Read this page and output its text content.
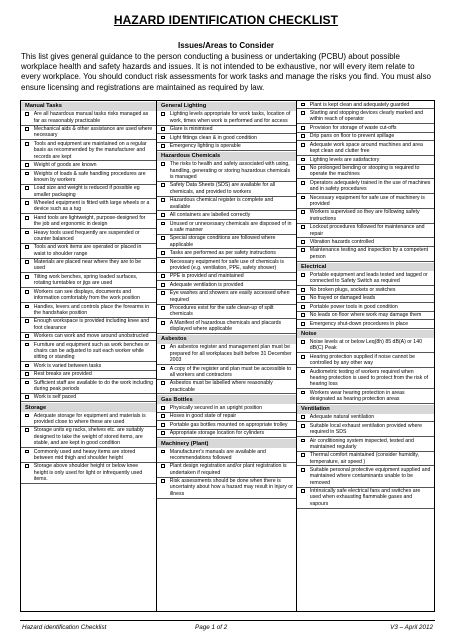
HAZARD IDENTIFICATION CHECKLIST
Issues/Areas to Consider
This list gives general guidance to the person conducting a business or undertaking (PCBU) about possible workplace health and safety hazards and issues. It is not intended to be exhaustive, nor will every item relate to every workplace. You should conduct risk assessments for work tasks and manage the risks you find. You must also ensure licensing and registrations are maintained as required by law.
Manual Tasks
Are all hazardous manual tasks risks managed as far as reasonably practicable
Mechanical aids & other assistance are used where necessary
Tools and equipment are maintained on a regular basis as recommended by the manufacturer and records are kept
Weight of goods are known
Weights of loads & safe handling procedures are known by workers
Load size and weight is reduced if possible eg smaller packaging
Wheeled equipment is fitted with large wheels or a device such as a tug
Hand tools are lightweight, purpose-designed for the job and ergonomic in design
Heavy tools used frequently are suspended or counter balanced
Tools and work items are operated or placed in waist to shoulder range
Materials are placed near where they are to be used
Tilting work benches, spring loaded surfaces, rotating turntables or jigs are used
Workers can see displays, documents and information comfortably from the work position
Handles, levers and controls place the forearms in the handshake position
Enough workspace is provided including knee and foot clearance
Workers can work and move around unobstructed
Furniture and equipment such as work benches or chairs can be adjusted to suit each worker while sitting or standing
Work is varied between tasks
Rest breaks are provided
Sufficient staff are available to do the work including during peak periods
Work is self paced
Storage
Adequate storage for equipment and materials is provided close to where these are used
Storage units eg racks, shelves etc. are suitably designed to take the weight of stored items, are stable, and are kept in good condition
Commonly used and heavy items are stored between mid thigh and shoulder height
Storage above shoulder height or below knee height is only used for light or infrequently used items.
General Lighting
Lighting levels appropriate for work tasks, location of work, times when work is performed and for access
Glare is minimised
Light fittings clean & in good condition
Emergency lighting is operable
Hazardous Chemicals
The risks to health and safety associated with using, handling, generating or storing hazardous chemicals is managed
Safety Data Sheets (SDS) are available for all chemicals, and provided to workers
Hazardous chemical register is complete and available
All containers are labelled correctly
Unused or unnecessary chemicals are disposed of in a safe manner
Special storage conditions are followed where applicable
Tasks are performed as per safety instructions
Necessary equipment for safe use of chemicals is provided (e.g. ventilation, PPE, safety shower)
PPE is provided and maintained
Adequate ventilation is provided
Eye washes and showers are easily accessed when required
Procedures exist for the safe clean-up of spilt chemicals
A Manifest of hazardous chemicals and placards displayed where applicable
Asbestos
An asbestos register and management plan must be prepared for all workplaces built before 31 December 2003
A copy of the register and plan must be accessible to all workers and contractors
Asbestos must be labelled where reasonably practicable
Gas Bottles
Physically secured in an upright position
Hoses in good state of repair
Portable gas bottles mounted on appropriate trolley
Appropriate storage location for cylinders
Machinery (Plant)
Manufacturer's manuals are available and recommendations followed
Plant design registration and/or plant registration is undertaken if required
Risk assessments should be done when there is uncertainty about how a hazard may result in injury or illness
Plant is kept clean and adequately guarded
Starting and stopping devices clearly marked and within reach of operator
Provision for storage of waste cut-offs
Drip pans on floor to prevent spillage
Adequate work space around machines and area kept clean and clutter free
Lighting levels are satisfactory
No prolonged bending or stooping is required to operate the machines
Operators adequately trained in the use of machines and in safety procedures
Necessary equipment for safe use of machinery is provided
Workers supervised so they are following safety instructions
Lockout procedures followed for maintenance and repair
Vibration hazards controlled
Maintenance testing and inspection by a competent person
Electrical
Portable equipment and leads tested and tagged or connected to Safety Switch as required
No broken plugs, sockets or switches
No frayed or damaged leads
Portable power tools in good condition
No leads on floor where work may damage them
Emergency shut-down procedures in place
Noise
Noise levels at or below Leq(8h) 85 dB(A) or 140 dB(C) Peak
Hearing protection supplied if noise cannot be controlled by any other way
Audiometric testing of workers required when hearing protection is used to protect from the risk of hearing loss
Workers wear hearing protection in areas designated as hearing protection areas
Ventilation
Adequate natural ventilation
Suitable local exhaust ventilation provided where required in SDS
Air conditioning system inspected, tested and maintained regularly
Thermal comfort maintained (consider humidity, temperature, air speed )
Suitable personal protective equipment supplied and maintained where contaminants unable to be removed
Intrinsically safe electrical fans and switches are used when exhausting flammable gases and vapours
Hazard identification Checklist	Page 1 of 2	V3 – April 2012
